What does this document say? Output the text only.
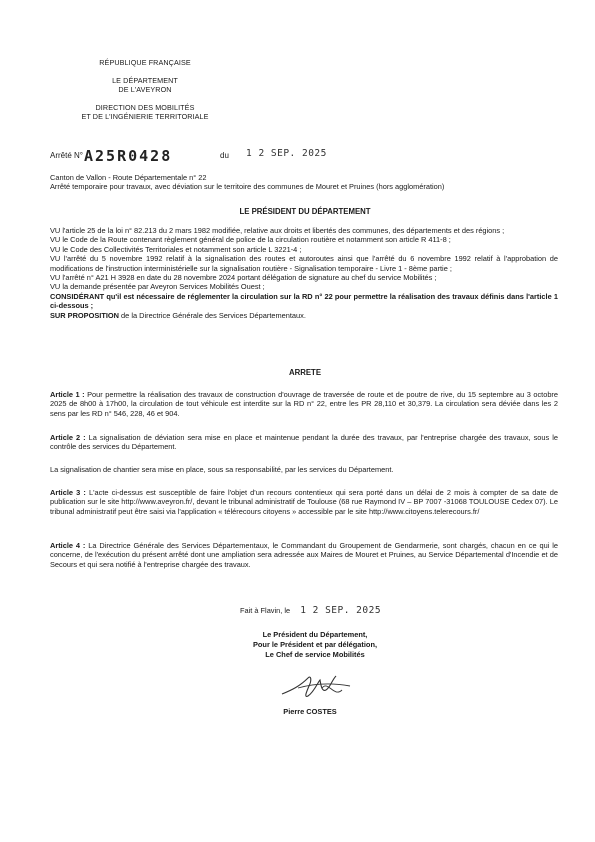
RÉPUBLIQUE FRANÇAISE
LE DÉPARTEMENT
DE L'AVEYRON
DIRECTION DES MOBILITÉS
ET DE L'INGÉNIERIE TERRITORIALE
Arrêté N° A25R0428	du 1 2 SEP. 2025
Canton de Vallon - Route Départementale n° 22
Arrêté temporaire pour travaux, avec déviation sur le territoire des communes de Mouret et Pruines (hors agglomération)
LE PRÉSIDENT DU DÉPARTEMENT
VU l'article 25 de la loi n° 82.213 du 2 mars 1982 modifiée, relative aux droits et libertés des communes, des départements et des régions ;
VU le Code de la Route contenant règlement général de police de la circulation routière et notamment son article R 411-8 ;
VU le Code des Collectivités Territoriales et notamment son article L 3221-4 ;
VU l'arrêté du 5 novembre 1992 relatif à la signalisation des routes et autoroutes ainsi que l'arrêté du 6 novembre 1992 relatif à l'approbation de modifications de l'instruction interministérielle sur la signalisation routière - Signalisation temporaire - Livre 1 - 8ème partie ;
VU l'arrêté n° A21 H 3928 en date du 28 novembre 2024 portant délégation de signature au chef du service Mobilités ;
VU la demande présentée par Aveyron Services Mobilités Ouest ;
CONSIDÉRANT qu'il est nécessaire de réglementer la circulation sur la RD n° 22 pour permettre la réalisation des travaux définis dans l'article 1 ci-dessous ;
SUR PROPOSITION de la Directrice Générale des Services Départementaux.
ARRETE
Article 1 : Pour permettre la réalisation des travaux de construction d'ouvrage de traversée de route et de poutre de rive, du 15 septembre au 3 octobre 2025 de 8h00 à 17h00, la circulation de tout véhicule est interdite sur la RD n° 22, entre les PR 28,110 et 30,379. La circulation sera déviée dans les 2 sens par les RD n° 546, 228, 46 et 904.
Article 2 : La signalisation de déviation sera mise en place et maintenue pendant la durée des travaux, par l'entreprise chargée des travaux, sous le contrôle des services du Département.
La signalisation de chantier sera mise en place, sous sa responsabilité, par les services du Département.
Article 3 : L'acte ci-dessus est susceptible de faire l'objet d'un recours contentieux qui sera porté dans un délai de 2 mois à compter de sa date de publication sur le site http://www.aveyron.fr/, devant le tribunal administratif de Toulouse (68 rue Raymond IV – BP 7007 -31068 TOULOUSE Cedex 07). Le tribunal administratif peut être saisi via l'application « télérecours citoyens » accessible par le site http://www.citoyens.telerecours.fr/
Article 4 : La Directrice Générale des Services Départementaux, le Commandant du Groupement de Gendarmerie, sont chargés, chacun en ce qui le concerne, de l'exécution du présent arrêté dont une ampliation sera adressée aux Maires de Mouret et Pruines, au Service Départemental d'Incendie et de Secours et qui sera notifié à l'entreprise chargée des travaux.
Fait à Flavin, le 1 2 SEP. 2025
Le Président du Département,
Pour le Président et par délégation,
Le Chef de service Mobilités
Pierre COSTES
